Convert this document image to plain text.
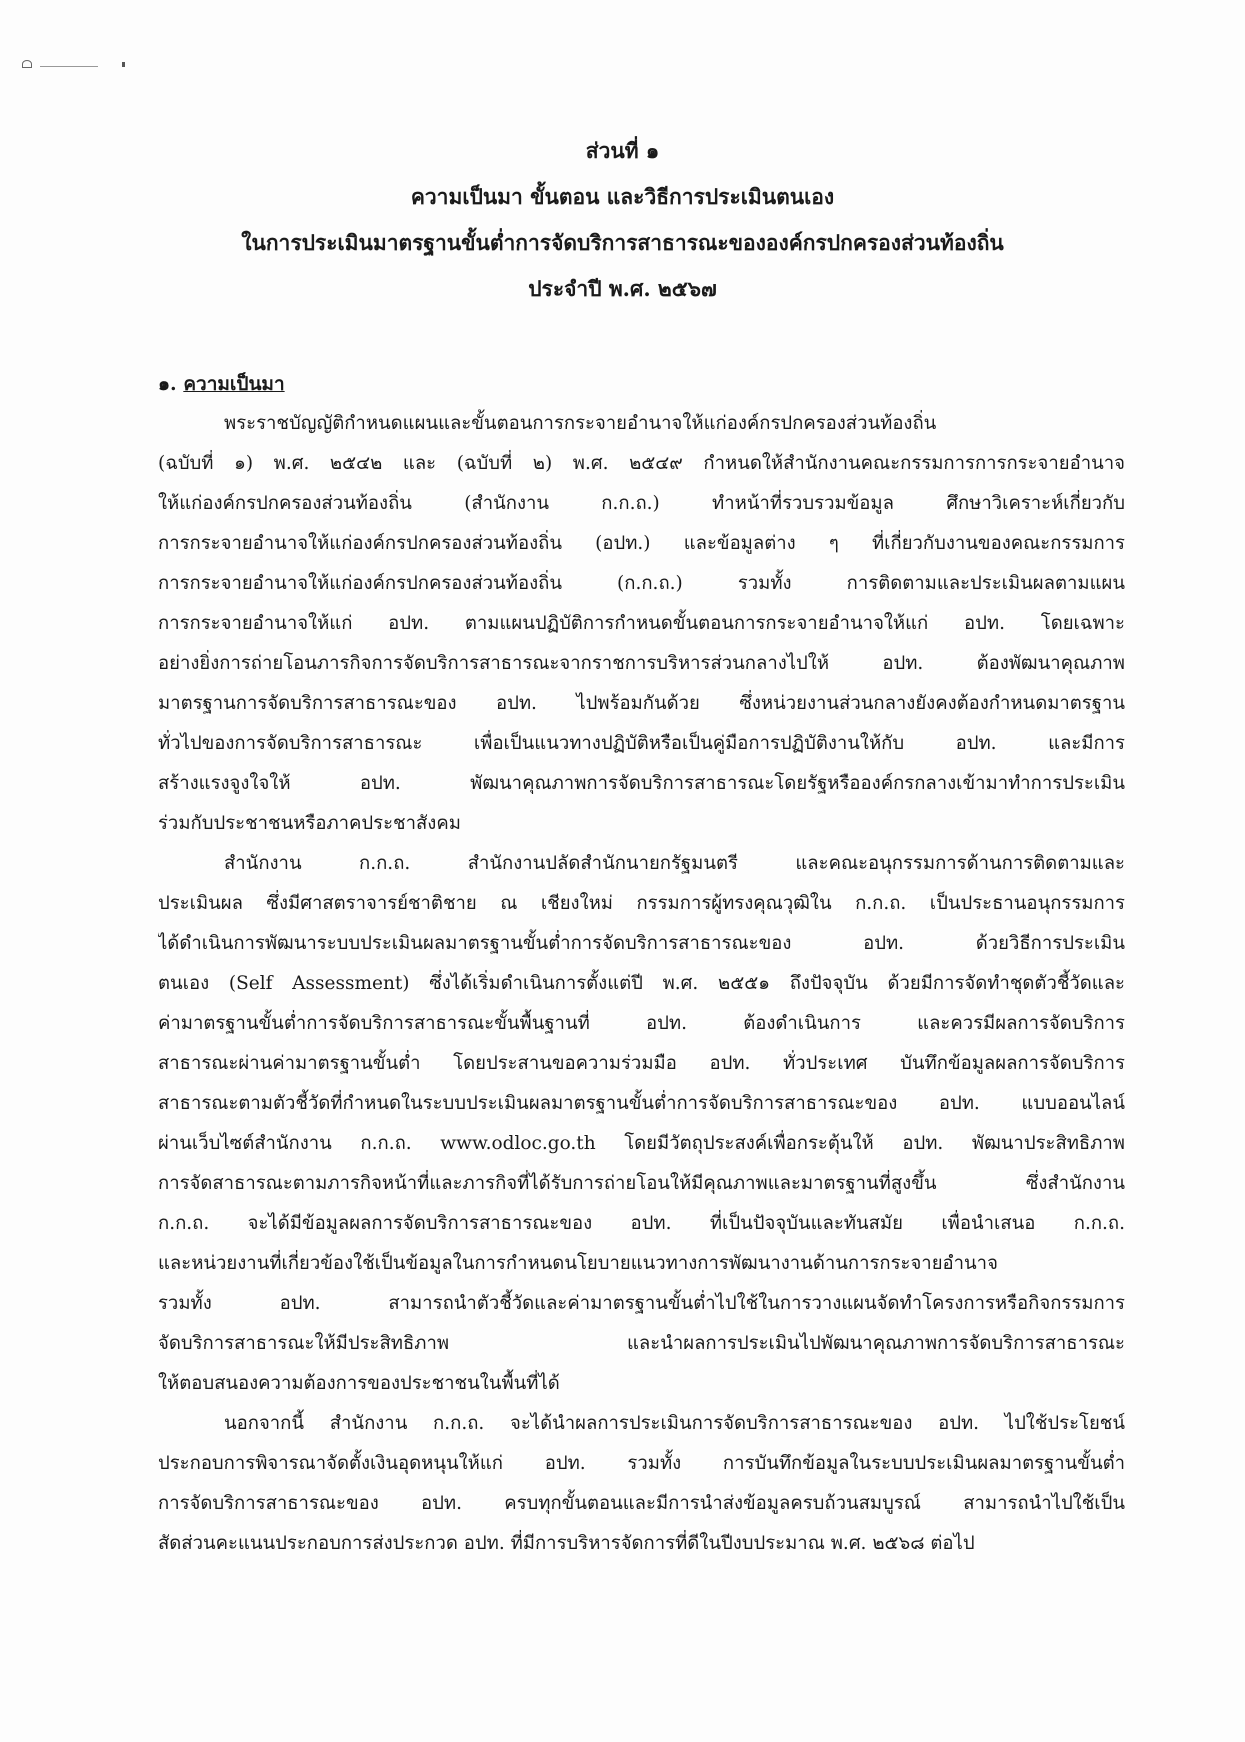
ส่วนที่ ๑
ความเป็นมา ขั้นตอน และวิธีการประเมินตนเอง
ในการประเมินมาตรฐานขั้นต่ำการจัดบริการสาธารณะขององค์กรปกครองส่วนท้องถิ่น
ประจำปี พ.ศ. ๒๕๖๗
๑. ความเป็นมา
พระราชบัญญัติกำหนดแผนและขั้นตอนการกระจายอำนาจให้แก่องค์กรปกครองส่วนท้องถิ่น
(ฉบับที่ ๑) พ.ศ. ๒๕๔๒ และ (ฉบับที่ ๒) พ.ศ. ๒๕๔๙ กำหนดให้สำนักงานคณะกรรมการการกระจายอำนาจ
ให้แก่องค์กรปกครองส่วนท้องถิ่น (สำนักงาน ก.ก.ถ.) ทำหน้าที่รวบรวมข้อมูล ศึกษาวิเคราะห์เกี่ยวกับ
การกระจายอำนาจให้แก่องค์กรปกครองส่วนท้องถิ่น (อปท.) และข้อมูลต่าง ๆ ที่เกี่ยวกับงานของคณะกรรมการ
การกระจายอำนาจให้แก่องค์กรปกครองส่วนท้องถิ่น (ก.ก.ถ.) รวมทั้ง การติดตามและประเมินผลตามแผน
การกระจายอำนาจให้แก่ อปท. ตามแผนปฏิบัติการกำหนดขั้นตอนการกระจายอำนาจให้แก่ อปท. โดยเฉพาะ
อย่างยิ่งการถ่ายโอนภารกิจการจัดบริการสาธารณะจากราชการบริหารส่วนกลางไปให้ อปท. ต้องพัฒนาคุณภาพ
มาตรฐานการจัดบริการสาธารณะของ อปท. ไปพร้อมกันด้วย ซึ่งหน่วยงานส่วนกลางยังคงต้องกำหนดมาตรฐาน
ทั่วไปของการจัดบริการสาธารณะ เพื่อเป็นแนวทางปฏิบัติหรือเป็นคู่มือการปฏิบัติงานให้กับ อปท. และมีการ
สร้างแรงจูงใจให้ อปท. พัฒนาคุณภาพการจัดบริการสาธารณะโดยรัฐหรือองค์กรกลางเข้ามาทำการประเมิน
ร่วมกับประชาชนหรือภาคประชาสังคม
สำนักงาน ก.ก.ถ. สำนักงานปลัดสำนักนายกรัฐมนตรี และคณะอนุกรรมการด้านการติดตามและ
ประเมินผล ซึ่งมีศาสตราจารย์ชาติชาย ณ เชียงใหม่ กรรมการผู้ทรงคุณวุฒิใน ก.ก.ถ. เป็นประธานอนุกรรมการ
ได้ดำเนินการพัฒนาระบบประเมินผลมาตรฐานขั้นต่ำการจัดบริการสาธารณะของ อปท. ด้วยวิธีการประเมิน
ตนเอง (Self Assessment) ซึ่งได้เริ่มดำเนินการตั้งแต่ปี พ.ศ. ๒๕๕๑ ถึงปัจจุบัน ด้วยมีการจัดทำชุดตัวชี้วัดและ
ค่ามาตรฐานขั้นต่ำการจัดบริการสาธารณะขั้นพื้นฐานที่ อปท. ต้องดำเนินการ และควรมีผลการจัดบริการ
สาธารณะผ่านค่ามาตรฐานขั้นต่ำ โดยประสานขอความร่วมมือ อปท. ทั่วประเทศ บันทึกข้อมูลผลการจัดบริการ
สาธารณะตามตัวชี้วัดที่กำหนดในระบบประเมินผลมาตรฐานขั้นต่ำการจัดบริการสาธารณะของ อปท. แบบออนไลน์
ผ่านเว็บไซต์สำนักงาน ก.ก.ถ. www.odloc.go.th โดยมีวัตถุประสงค์เพื่อกระตุ้นให้ อปท. พัฒนาประสิทธิภาพ
การจัดสาธารณะตามภารกิจหน้าที่และภารกิจที่ได้รับการถ่ายโอนให้มีคุณภาพและมาตรฐานที่สูงขึ้น ซึ่งสำนักงาน
ก.ก.ถ. จะได้มีข้อมูลผลการจัดบริการสาธารณะของ อปท. ที่เป็นปัจจุบันและทันสมัย เพื่อนำเสนอ ก.ก.ถ.
และหน่วยงานที่เกี่ยวข้องใช้เป็นข้อมูลในการกำหนดนโยบายแนวทางการพัฒนางานด้านการกระจายอำนาจ
รวมทั้ง อปท. สามารถนำตัวชี้วัดและค่ามาตรฐานขั้นต่ำไปใช้ในการวางแผนจัดทำโครงการหรือกิจกรรมการ
จัดบริการสาธารณะให้มีประสิทธิภาพ และนำผลการประเมินไปพัฒนาคุณภาพการจัดบริการสาธารณะ
ให้ตอบสนองความต้องการของประชาชนในพื้นที่ได้
นอกจากนี้ สำนักงาน ก.ก.ถ. จะได้นำผลการประเมินการจัดบริการสาธารณะของ อปท. ไปใช้ประโยชน์
ประกอบการพิจารณาจัดตั้งเงินอุดหนุนให้แก่ อปท. รวมทั้ง การบันทึกข้อมูลในระบบประเมินผลมาตรฐานขั้นต่ำ
การจัดบริการสาธารณะของ อปท. ครบทุกขั้นตอนและมีการนำส่งข้อมูลครบถ้วนสมบูรณ์ สามารถนำไปใช้เป็น
สัดส่วนคะแนนประกอบการส่งประกวด อปท. ที่มีการบริหารจัดการที่ดีในปีงบประมาณ พ.ศ. ๒๕๖๘ ต่อไป
